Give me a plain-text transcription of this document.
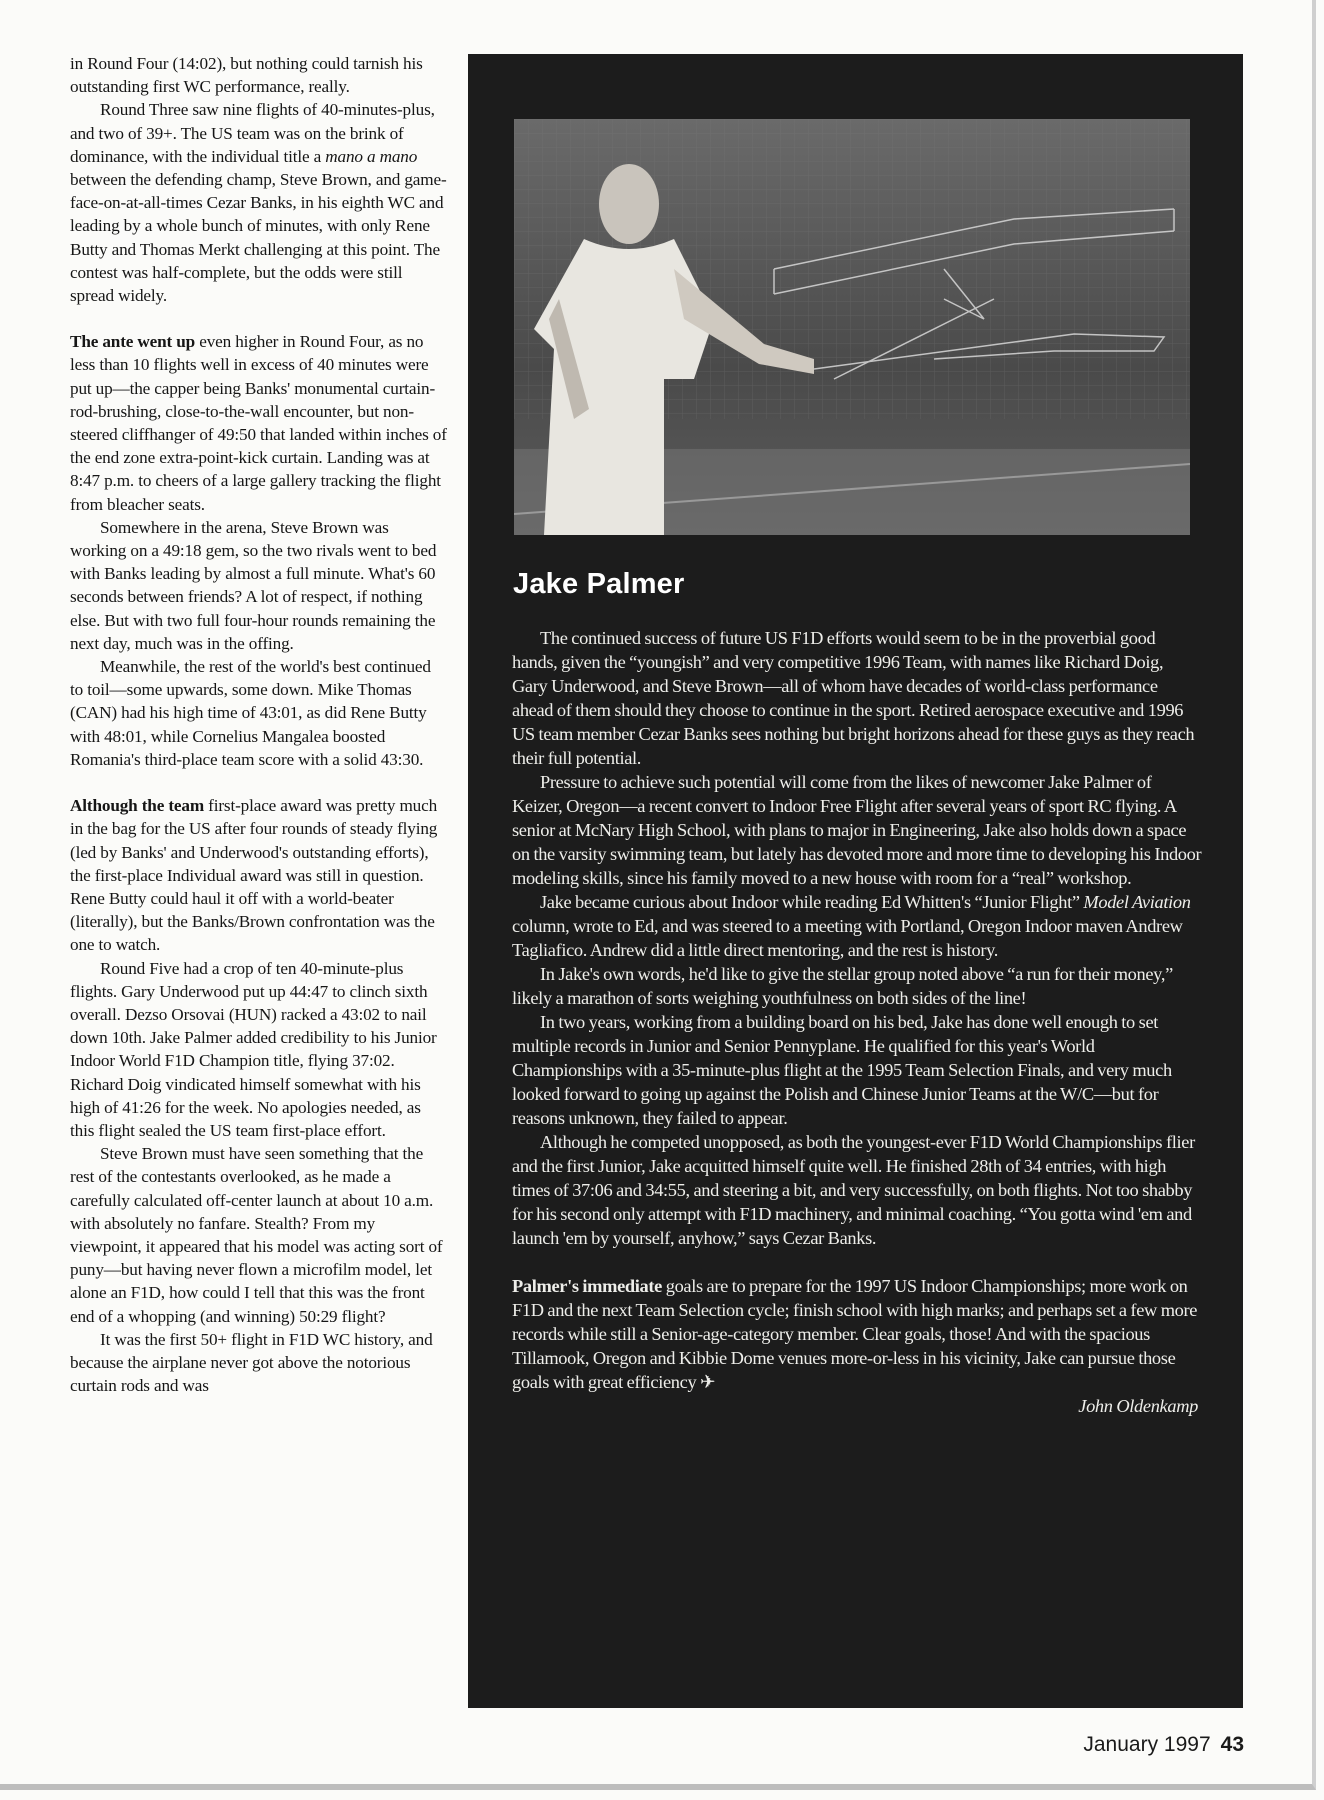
in Round Four (14:02), but nothing could tarnish his outstanding first WC performance, really.

Round Three saw nine flights of 40-minutes-plus, and two of 39+. The US team was on the brink of dominance, with the individual title a mano a mano between the defending champ, Steve Brown, and game-face-on-at-all-times Cezar Banks, in his eighth WC and leading by a whole bunch of minutes, with only Rene Butty and Thomas Merkt challenging at this point. The contest was half-complete, but the odds were still spread widely.

The ante went up even higher in Round Four, as no less than 10 flights well in excess of 40 minutes were put up—the capper being Banks' monumental curtain-rod-brushing, close-to-the-wall encounter, but non-steered cliffhanger of 49:50 that landed within inches of the end zone extra-point-kick curtain. Landing was at 8:47 p.m. to cheers of a large gallery tracking the flight from bleacher seats.

Somewhere in the arena, Steve Brown was working on a 49:18 gem, so the two rivals went to bed with Banks leading by almost a full minute. What's 60 seconds between friends? A lot of respect, if nothing else. But with two full four-hour rounds remaining the next day, much was in the offing.

Meanwhile, the rest of the world's best continued to toil—some upwards, some down. Mike Thomas (CAN) had his high time of 43:01, as did Rene Butty with 48:01, while Cornelius Mangalea boosted Romania's third-place team score with a solid 43:30.

Although the team first-place award was pretty much in the bag for the US after four rounds of steady flying (led by Banks' and Underwood's outstanding efforts), the first-place Individual award was still in question. Rene Butty could haul it off with a world-beater (literally), but the Banks/Brown confrontation was the one to watch.

Round Five had a crop of ten 40-minute-plus flights. Gary Underwood put up 44:47 to clinch sixth overall. Dezso Orsovai (HUN) racked a 43:02 to nail down 10th. Jake Palmer added credibility to his Junior Indoor World F1D Champion title, flying 37:02. Richard Doig vindicated himself somewhat with his high of 41:26 for the week. No apologies needed, as this flight sealed the US team first-place effort.

Steve Brown must have seen something that the rest of the contestants overlooked, as he made a carefully calculated off-center launch at about 10 a.m. with absolutely no fanfare. Stealth? From my viewpoint, it appeared that his model was acting sort of puny—but having never flown a microfilm model, let alone an F1D, how could I tell that this was the front end of a whopping (and winning) 50:29 flight?

It was the first 50+ flight in F1D WC history, and because the airplane never got above the notorious curtain rods and was

Jake Palmer

The continued success of future US F1D efforts would seem to be in the proverbial good hands, given the “youngish” and very competitive 1996 Team, with names like Richard Doig, Gary Underwood, and Steve Brown—all of whom have decades of world-class performance ahead of them should they choose to continue in the sport. Retired aerospace executive and 1996 US team member Cezar Banks sees nothing but bright horizons ahead for these guys as they reach their full potential.

Pressure to achieve such potential will come from the likes of newcomer Jake Palmer of Keizer, Oregon—a recent convert to Indoor Free Flight after several years of sport RC flying. A senior at McNary High School, with plans to major in Engineering, Jake also holds down a space on the varsity swimming team, but lately has devoted more and more time to developing his Indoor modeling skills, since his family moved to a new house with room for a “real” workshop.

Jake became curious about Indoor while reading Ed Whitten's “Junior Flight” Model Aviation column, wrote to Ed, and was steered to a meeting with Portland, Oregon Indoor maven Andrew Tagliafico. Andrew did a little direct mentoring, and the rest is history.

In Jake's own words, he'd like to give the stellar group noted above “a run for their money,” likely a marathon of sorts weighing youthfulness on both sides of the line!

In two years, working from a building board on his bed, Jake has done well enough to set multiple records in Junior and Senior Pennyplane. He qualified for this year's World Championships with a 35-minute-plus flight at the 1995 Team Selection Finals, and very much looked forward to going up against the Polish and Chinese Junior Teams at the W/C—but for reasons unknown, they failed to appear.

Although he competed unopposed, as both the youngest-ever F1D World Championships flier and the first Junior, Jake acquitted himself quite well. He finished 28th of 34 entries, with high times of 37:06 and 34:55, and steering a bit, and very successfully, on both flights. Not too shabby for his second only attempt with F1D machinery, and minimal coaching. “You gotta wind 'em and launch 'em by yourself, anyhow,” says Cezar Banks.

Palmer's immediate goals are to prepare for the 1997 US Indoor Championships; more work on F1D and the next Team Selection cycle; finish school with high marks; and perhaps set a few more records while still a Senior-age-category member. Clear goals, those! And with the spacious Tillamook, Oregon and Kibbie Dome venues more-or-less in his vicinity, Jake can pursue those goals with great efficiency ✈

John Oldenkamp

January 1997 43
